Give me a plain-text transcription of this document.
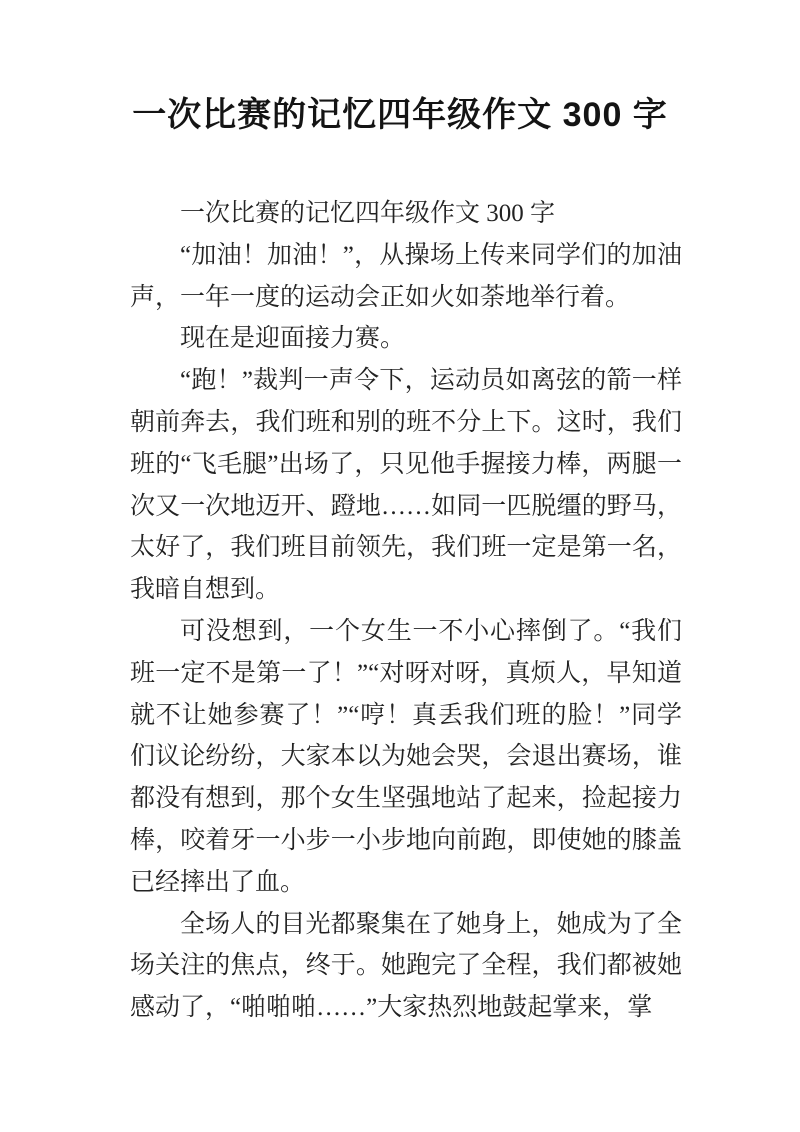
一次比赛的记忆四年级作文 300 字

一次比赛的记忆四年级作文 300 字

“加油！加油！”，从操场上传来同学们的加油声，一年一度的运动会正如火如荼地举行着。

现在是迎面接力赛。

“跑！”裁判一声令下，运动员如离弦的箭一样朝前奔去，我们班和别的班不分上下。这时，我们班的“飞毛腿”出场了，只见他手握接力棒，两腿一次又一次地迈开、蹬地……如同一匹脱缰的野马，太好了，我们班目前领先，我们班一定是第一名，我暗自想到。

可没想到，一个女生一不小心摔倒了。“我们班一定不是第一了！”“对呀对呀，真烦人，早知道就不让她参赛了！”“哼！真丢我们班的脸！”同学们议论纷纷，大家本以为她会哭，会退出赛场，谁都没有想到，那个女生坚强地站了起来，捡起接力棒，咬着牙一小步一小步地向前跑，即使她的膝盖已经摔出了血。

全场人的目光都聚集在了她身上，她成为了全场关注的焦点，终于。她跑完了全程，我们都被她感动了，“啪啪啪……”大家热烈地鼓起掌来，掌
